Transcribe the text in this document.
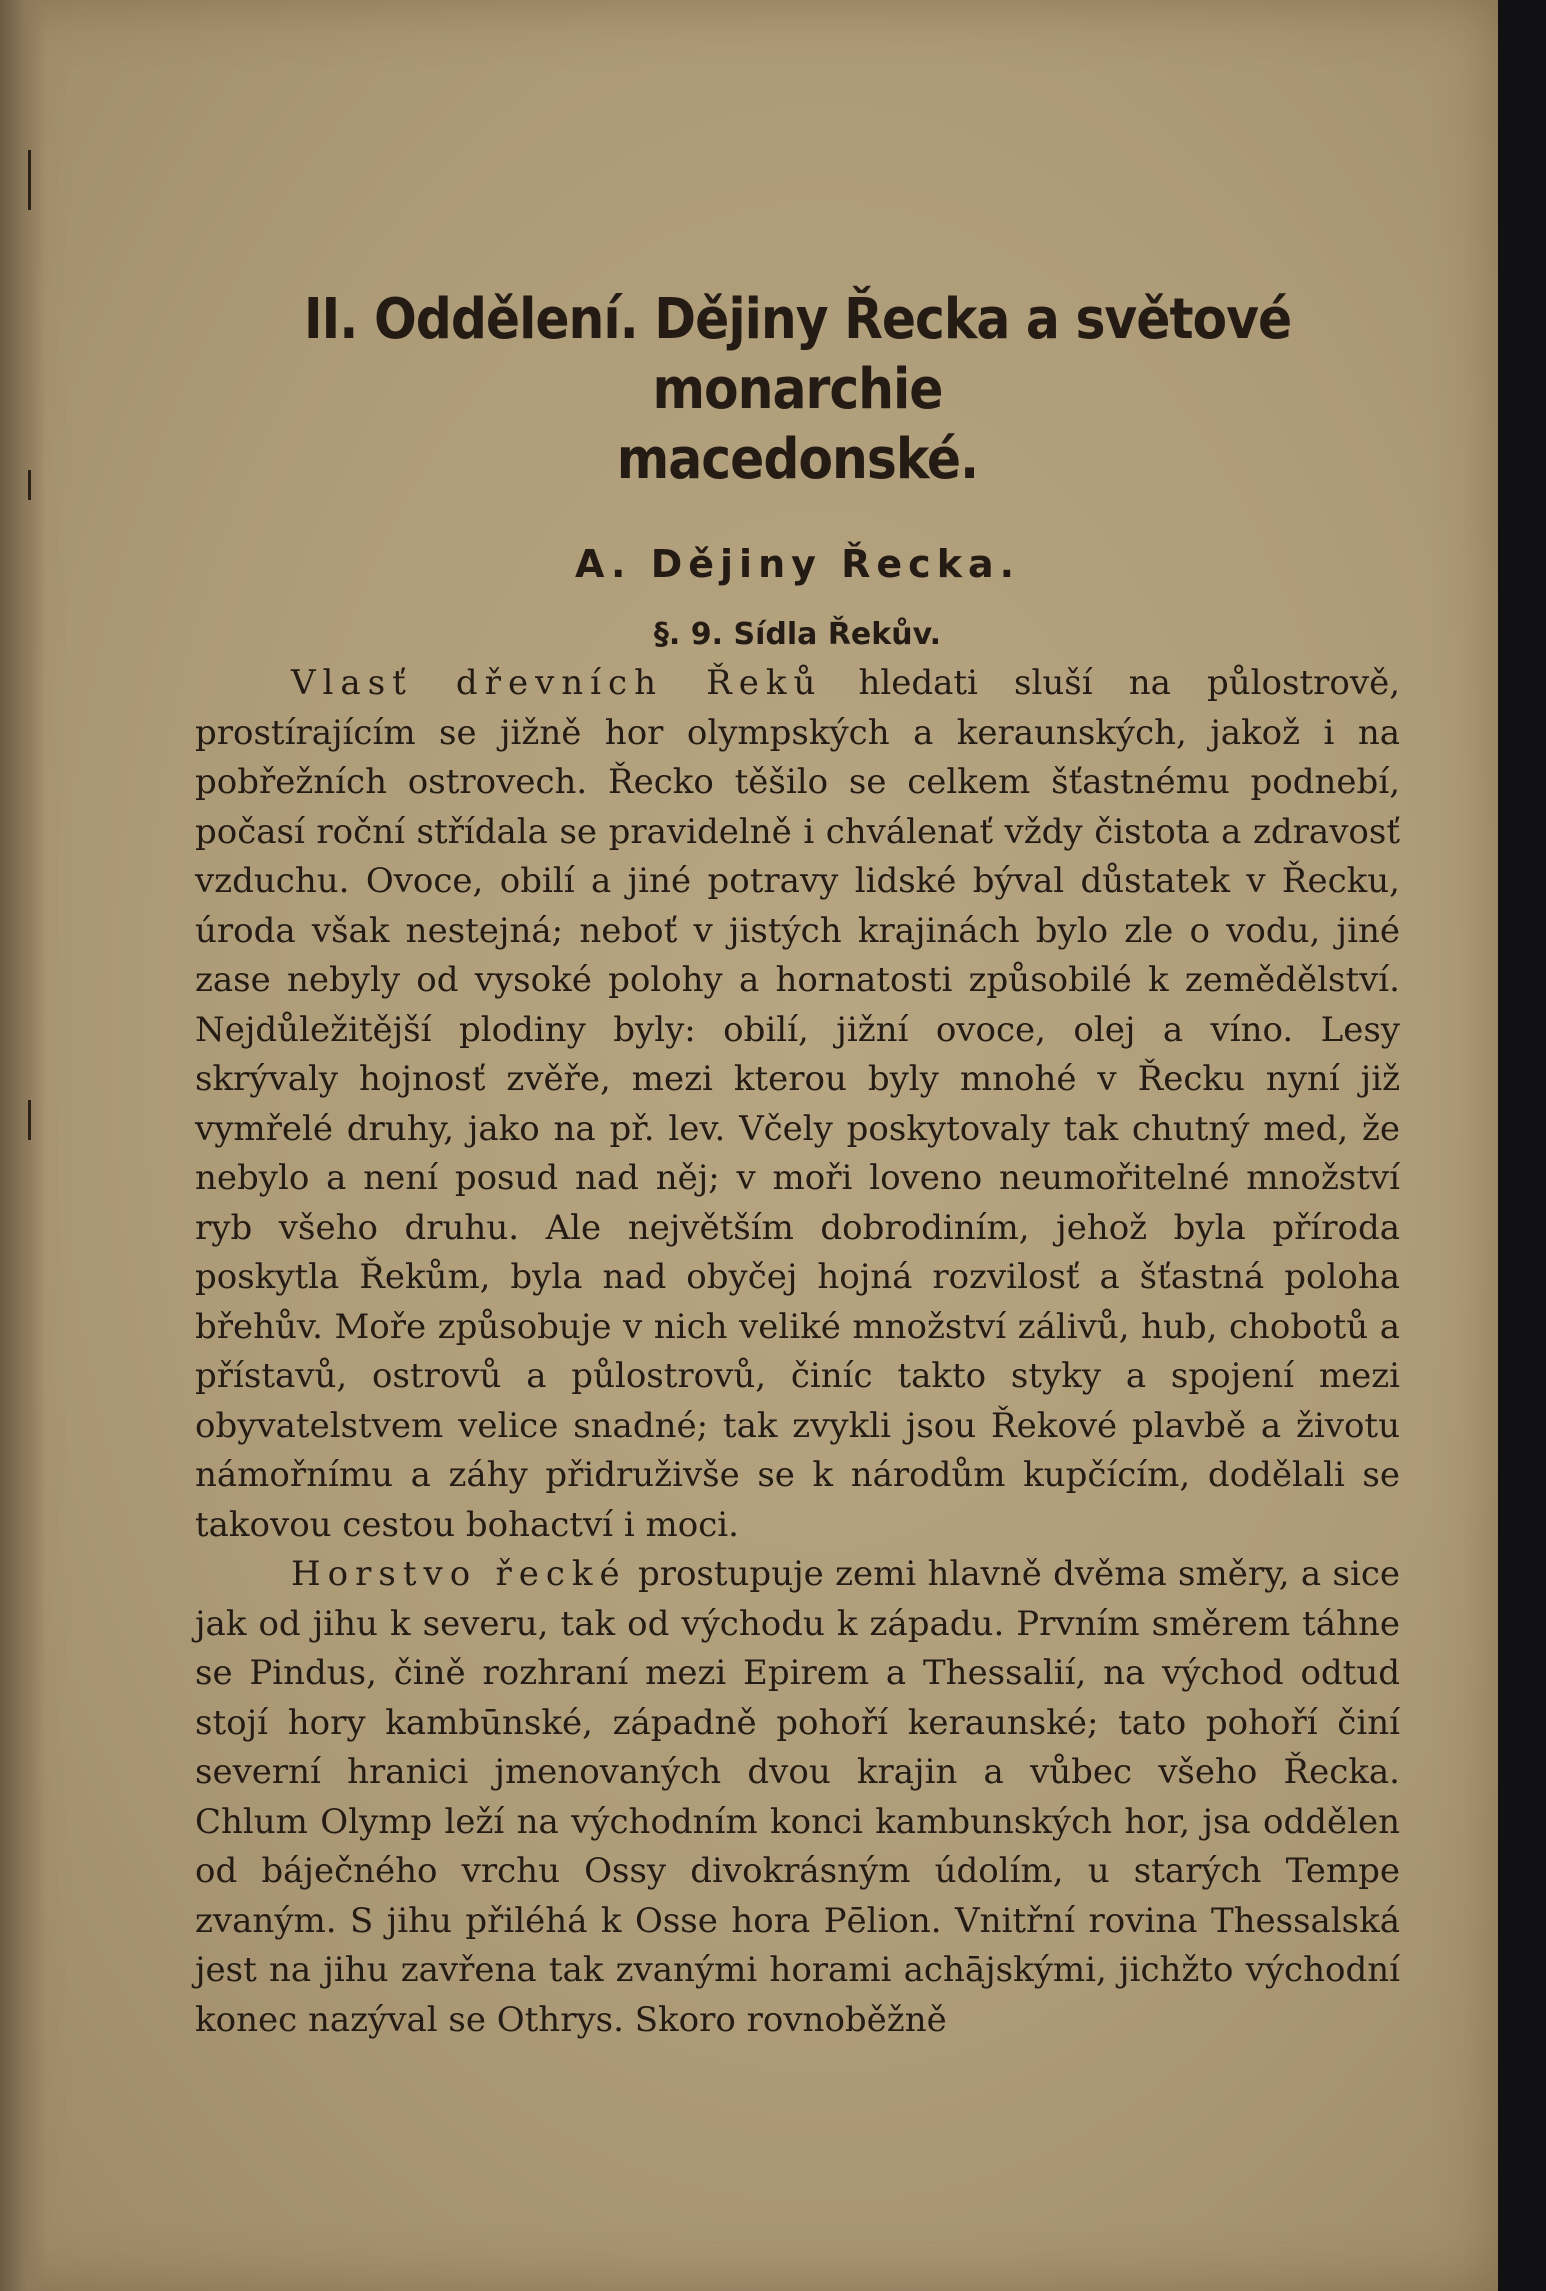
II. Oddělení. Dějiny Řecka a světové monarchie
macedonské.
A. Dějiny Řecka.
§. 9. Sídla Řekův.

Vlasť dřevních Řeků hledati sluší na půlostrově, prostírajícím se jižně hor olympských a keraunských, jakož i na pobřežních ostrovech. Řecko těšilo se celkem šťastnému podnebí, počasí roční střídala se pravidelně i chválenať vždy čistota a zdravosť vzduchu. Ovoce, obilí a jiné potravy lidské býval důstatek v Řecku, úroda však nestejná; neboť v jistých krajinách bylo zle o vodu, jiné zase nebyly od vysoké polohy a hornatosti způsobilé k zemědělství. Nejdůležitější plodiny byly: obilí, jižní ovoce, olej a víno. Lesy skrývaly hojnosť zvěře, mezi kterou byly mnohé v Řecku nyní již vymřelé druhy, jako na př. lev. Včely poskytovaly tak chutný med, že nebylo a není posud nad něj; v moři loveno neumořitelné množství ryb všeho druhu. Ale největším dobrodiním, jehož byla příroda poskytla Řekům, byla nad obyčej hojná rozvilosť a šťastná poloha břehův. Moře způsobuje v nich veliké množství zálivů, hub, chobotů a přístavů, ostrovů a půlostrovů, činíc takto styky a spojení mezi obyvatelstvem velice snadné; tak zvykli jsou Řekové plavbě a životu námořnímu a záhy přidruživše se k národům kupčícím, dodělali se takovou cestou bohactví i moci.

Horstvo řecké prostupuje zemi hlavně dvěma směry, a sice jak od jihu k severu, tak od východu k západu. Prvním směrem táhne se Pindus, čině rozhraní mezi Epirem a Thessalií, na východ odtud stojí hory kambūnské, západně pohoří keraunské; tato pohoří činí severní hranici jmenovaných dvou krajin a vůbec všeho Řecka. Chlum Olymp leží na východním konci kambunských hor, jsa oddělen od báječného vrchu Ossy divokrásným údolím, u starých Tempe zvaným. S jihu přiléhá k Osse hora Pēlion. Vnitřní rovina Thessalská jest na jihu zavřena tak zvanými horami achājskými, jichžto východní konec nazýval se Othrys. Skoro rovnoběžně
